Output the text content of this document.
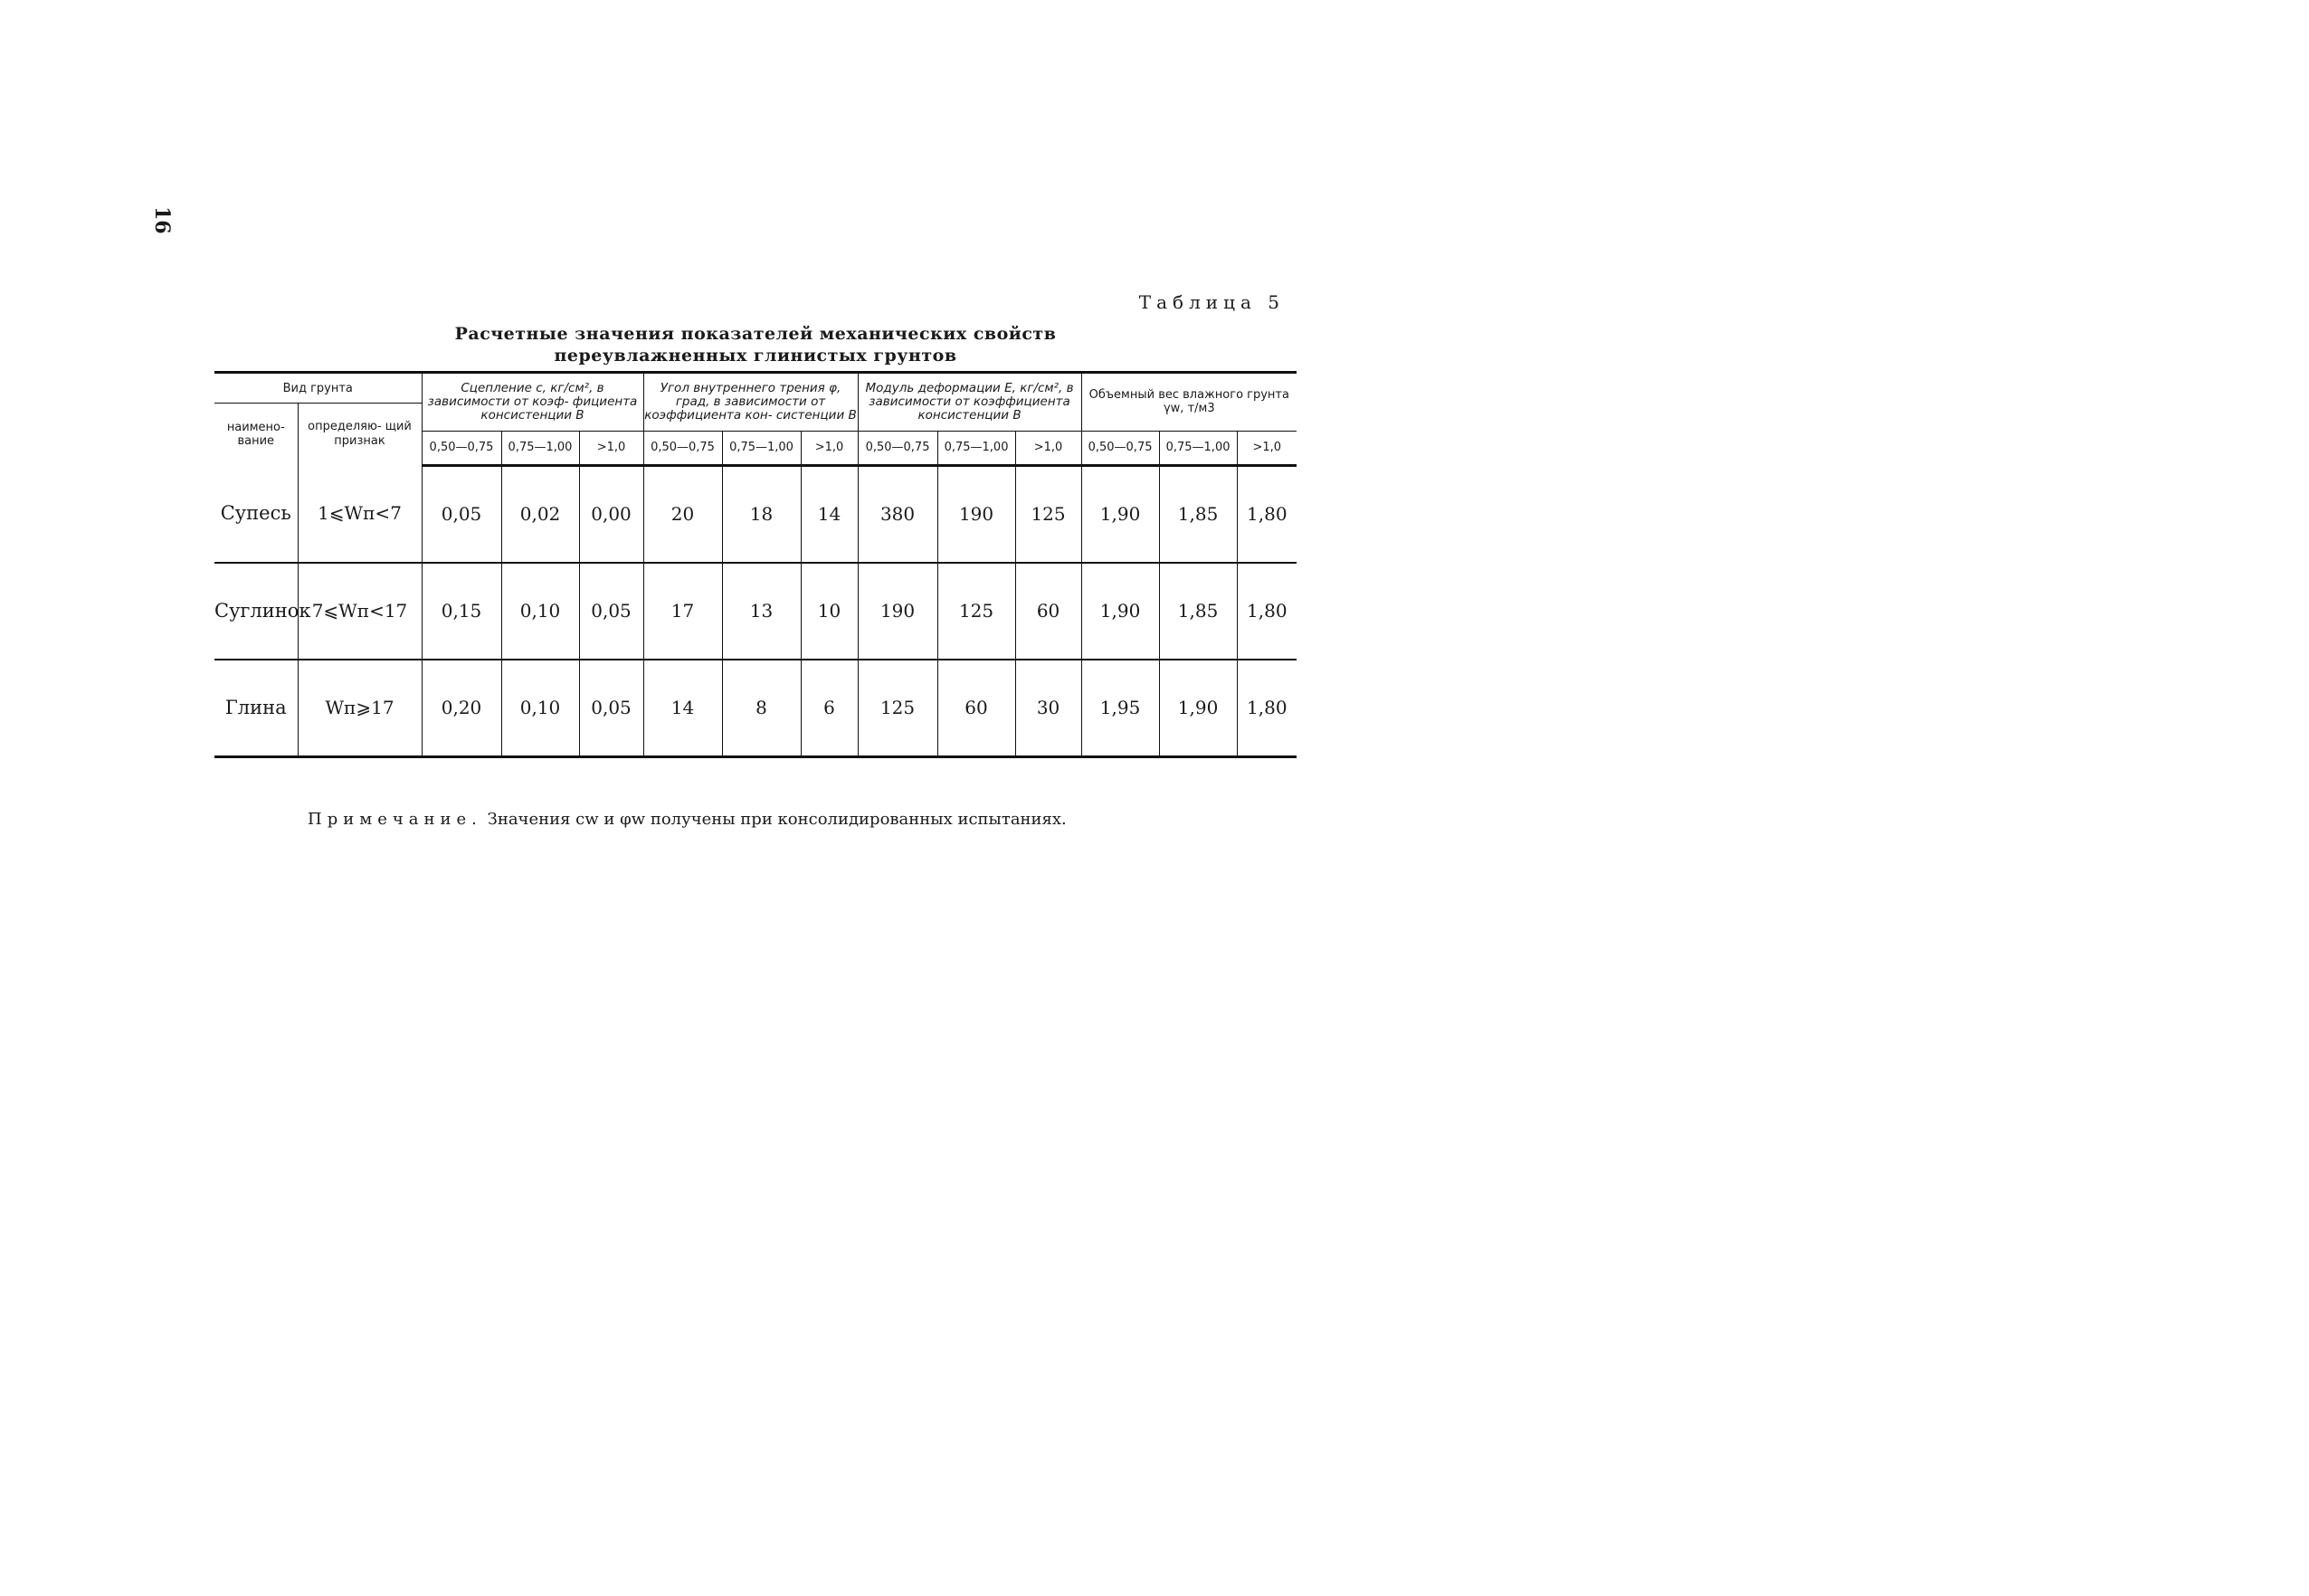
16
Таблица 5
Расчетные значения показателей механических свойств
переувлажненных глинистых грунтов
Вид грунта		Сцепление c, кг/см², в зависимости от коэф- фициента консистенции B			Угол внутреннего трения φ, град, в зависимости от коэффициента кон- систенции B			Модуль деформации E, кг/см², в зависимости от коэффициента консистенции B			Объемный вес влажного грунта γw, т/м3		
наимено- вание	определяю- щий признак												
		0,50—0,75	0,75—1,00	>1,0	0,50—0,75	0,75—1,00	>1,0	0,50—0,75	0,75—1,00	>1,0	0,50—0,75	0,75—1,00	>1,0
Супесь	1⩽Wп<7	0,05	0,02	0,00	20	18	14	380	190	125	1,90	1,85	1,80
Суглинок	7⩽Wп<17	0,15	0,10	0,05	17	13	10	190	125	60	1,90	1,85	1,80
Глина	Wп⩾17	0,20	0,10	0,05	14	8	6	125	60	30	1,95	1,90	1,80
Примечание. Значения cw и φw получены при консолидированных испытаниях.
